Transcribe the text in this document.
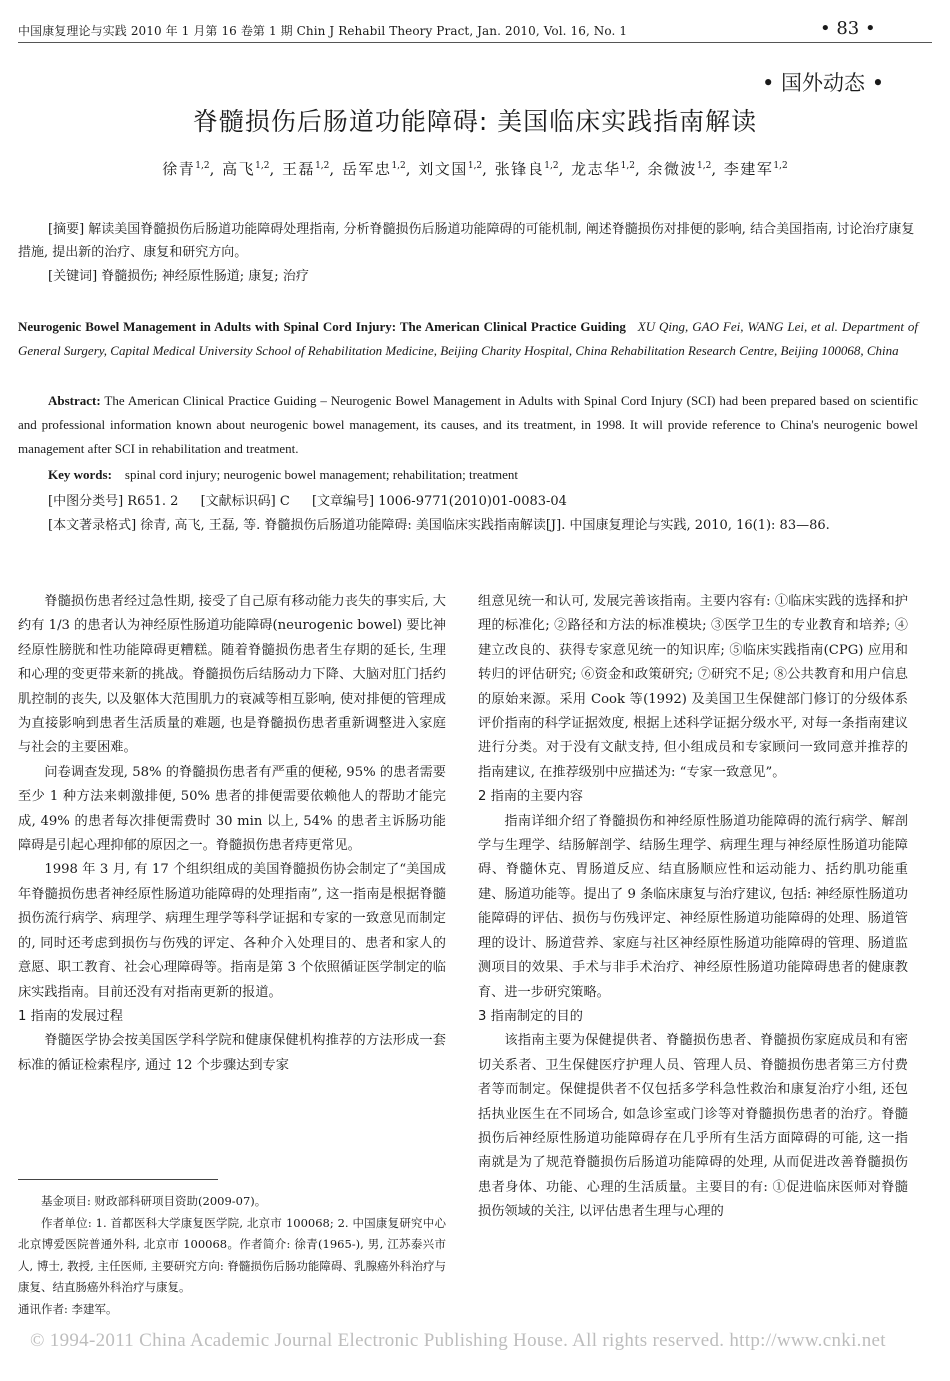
中国康复理论与实践 2010 年 1 月第 16 卷第 1 期 Chin J Rehabil Theory Pract, Jan. 2010, Vol. 16, No. 1	• 83 •
• 国外动态 •
脊髓损伤后肠道功能障碍: 美国临床实践指南解读
徐青$^{1,2}$, 高飞$^{1,2}$, 王磊$^{1,2}$, 岳军忠$^{1,2}$, 刘文国$^{1,2}$, 张锋良$^{1,2}$, 龙志华$^{1,2}$, 余微波$^{1,2}$, 李建军$^{1,2}$
[摘要] 解读美国脊髓损伤后肠道功能障碍处理指南, 分析脊髓损伤后肠道功能障碍的可能机制, 阐述脊髓损伤对排便的影响, 结合美国指南, 讨论治疗康复措施, 提出新的治疗、康复和研究方向。
[关键词] 脊髓损伤; 神经原性肠道; 康复; 治疗
Neurogenic Bowel Management in Adults with Spinal Cord Injury: The American Clinical Practice Guiding XU Qing, GAO Fei, WANG Lei, et al. Department of General Surgery, Capital Medical University School of Rehabilitation Medicine, Beijing Charity Hospital, China Rehabilitation Research Centre, Beijing 100068, China
Abstract: The American Clinical Practice Guiding – Neurogenic Bowel Management in Adults with Spinal Cord Injury (SCI) had been prepared based on scientific and professional information known about neurogenic bowel management, its causes, and its treatment, in 1998. It will provide reference to China's neurogenic bowel management after SCI in rehabilitation and treatment.
Key words: spinal cord injury; neurogenic bowel management; rehabilitation; treatment
[中图分类号] R651. 2 [文献标识码] C [文章编号] 1006-9771(2010)01-0083-04
[本文著录格式] 徐青, 高飞, 王磊, 等. 脊髓损伤后肠道功能障碍: 美国临床实践指南解读[J]. 中国康复理论与实践, 2010, 16(1): 83—86.

脊髓损伤患者经过急性期, 接受了自己原有移动能力丧失的事实后, 大约有 1/3 的患者认为神经原性肠道功能障碍(neurogenic bowel) 要比神经原性膀胱和性功能障碍更糟糕。随着脊髓损伤患者生存期的延长, 生理和心理的变更带来新的挑战。脊髓损伤后结肠动力下降、大脑对肛门括约肌控制的丧失, 以及躯体大范围肌力的衰减等相互影响, 使对排便的管理成为直接影响到患者生活质量的难题, 也是脊髓损伤患者重新调整进入家庭与社会的主要困难。

问卷调查发现, 58% 的脊髓损伤患者有严重的便秘, 95% 的患者需要至少 1 种方法来刺激排便, 50% 患者的排便需要依赖他人的帮助才能完成, 49% 的患者每次排便需费时 30 min 以上, 54% 的患者主诉肠功能障碍是引起心理抑郁的原因之一。脊髓损伤患者痔更常见。

1998 年 3 月, 有 17 个组织组成的美国脊髓损伤协会制定了“美国成年脊髓损伤患者神经原性肠道功能障碍的处理指南”, 这一指南是根据脊髓损伤流行病学、病理学、病理生理学等科学证据和专家的一致意见而制定的, 同时还考虑到损伤与伤残的评定、各种介入处理目的、患者和家人的意愿、职工教育、社会心理障碍等。指南是第 3 个依照循证医学制定的临床实践指南。目前还没有对指南更新的报道。

1 指南的发展过程

脊髓医学协会按美国医学科学院和健康保健机构推荐的方法形成一套标准的循证检索程序, 通过 12 个步骤达到专家

组意见统一和认可, 发展完善该指南。主要内容有: ①临床实践的选择和护理的标准化; ②路径和方法的标准模块; ③医学卫生的专业教育和培养; ④建立改良的、获得专家意见统一的知识库; ⑤临床实践指南(CPG) 应用和转归的评估研究; ⑥资金和政策研究; ⑦研究不足; ⑧公共教育和用户信息的原始来源。采用 Cook 等(1992) 及美国卫生保健部门修订的分级体系评价指南的科学证据效度, 根据上述科学证据分级水平, 对每一条指南建议进行分类。对于没有文献支持, 但小组成员和专家顾问一致同意并推荐的指南建议, 在推荐级别中应描述为: “专家一致意见”。

2 指南的主要内容

指南详细介绍了脊髓损伤和神经原性肠道功能障碍的流行病学、解剖学与生理学、结肠解剖学、结肠生理学、病理生理与神经原性肠道功能障碍、脊髓休克、胃肠道反应、结直肠顺应性和运动能力、括约肌功能重建、肠道功能等。提出了 9 条临床康复与治疗建议, 包括: 神经原性肠道功能障碍的评估、损伤与伤残评定、神经原性肠道功能障碍的处理、肠道管理的设计、肠道营养、家庭与社区神经原性肠道功能障碍的管理、肠道监测项目的效果、手术与非手术治疗、神经原性肠道功能障碍患者的健康教育、进一步研究策略。

3 指南制定的目的

该指南主要为保健提供者、脊髓损伤患者、脊髓损伤家庭成员和有密切关系者、卫生保健医疗护理人员、管理人员、脊髓损伤患者第三方付费者等而制定。保健提供者不仅包括多学科急性救治和康复治疗小组, 还包括执业医生在不同场合, 如急诊室或门诊等对脊髓损伤患者的治疗。脊髓损伤后神经原性肠道功能障碍存在几乎所有生活方面障碍的可能, 这一指南就是为了规范脊髓损伤后肠道功能障碍的处理, 从而促进改善脊髓损伤患者身体、功能、心理的生活质量。主要目的有: ①促进临床医师对脊髓损伤领域的关注, 以评估患者生理与心理的

基金项目: 财政部科研项目资助(2009-07)。

作者单位: 1. 首都医科大学康复医学院, 北京市 100068; 2. 中国康复研究中心北京博爱医院普通外科, 北京市 100068。作者简介: 徐青(1965-), 男, 江苏泰兴市人, 博士, 教授, 主任医师, 主要研究方向: 脊髓损伤后肠功能障碍、乳腺癌外科治疗与康复、结直肠癌外科治疗与康复。

通讯作者: 李建军。

© 1994-2011 China Academic Journal Electronic Publishing House. All rights reserved. http://www.cnki.net
